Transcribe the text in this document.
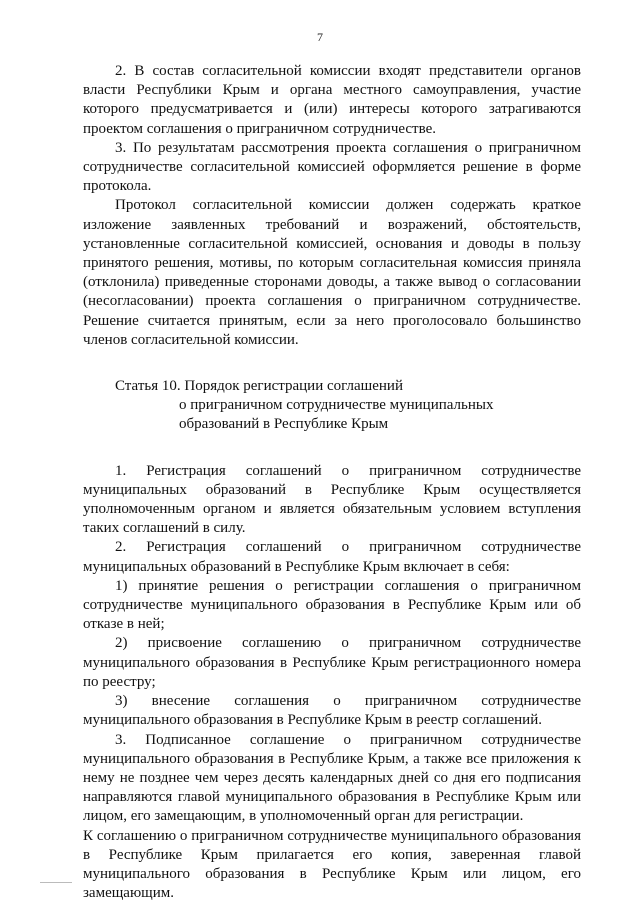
7

2. В состав согласительной комиссии входят представители органов власти Республики Крым и органа местного самоуправления, участие которого предусматривается и (или) интересы которого затрагиваются проектом соглашения о приграничном сотрудничестве.

3. По результатам рассмотрения проекта соглашения о приграничном сотрудничестве согласительной комиссией оформляется решение в форме протокола.

Протокол согласительной комиссии должен содержать краткое изложение заявленных требований и возражений, обстоятельств, установленные согласительной комиссией, основания и доводы в пользу принятого решения, мотивы, по которым согласительная комиссия приняла (отклонила) приведенные сторонами доводы, а также вывод о согласовании (несогласовании) проекта соглашения о приграничном сотрудничестве. Решение считается принятым, если за него проголосовало большинство членов согласительной комиссии.

Статья 10. Порядок регистрации соглашений
о приграничном сотрудничестве муниципальных
образований в Республике Крым

1. Регистрация соглашений о приграничном сотрудничестве муниципальных образований в Республике Крым осуществляется уполномоченным органом и является обязательным условием вступления таких соглашений в силу.

2. Регистрация соглашений о приграничном сотрудничестве муниципальных образований в Республике Крым включает в себя:

1) принятие решения о регистрации соглашения о приграничном сотрудничестве муниципального образования в Республике Крым или об отказе в ней;

2) присвоение соглашению о приграничном сотрудничестве муниципального образования в Республике Крым регистрационного номера по реестру;

3) внесение соглашения о приграничном сотрудничестве муниципального образования в Республике Крым в реестр соглашений.

3. Подписанное соглашение о приграничном сотрудничестве муниципального образования в Республике Крым, а также все приложения к нему не позднее чем через десять календарных дней со дня его подписания направляются главой муниципального образования в Республике Крым или лицом, его замещающим, в уполномоченный орган для регистрации.

К соглашению о приграничном сотрудничестве муниципального образования в Республике Крым прилагается его копия, заверенная главой муниципального образования в Республике Крым или лицом, его замещающим.
